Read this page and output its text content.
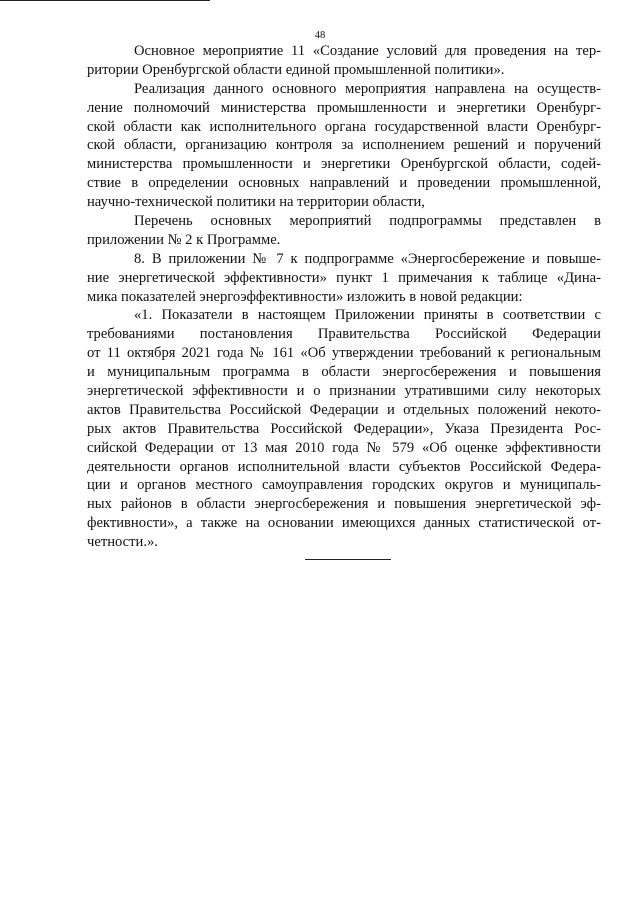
48
Основное мероприятие 11 «Создание условий для проведения на тер-
ритории Оренбургской области единой промышленной политики».
Реализация данного основного мероприятия направлена на осуществ-
ление полномочий министерства промышленности и энергетики Оренбург-
ской области как исполнительного органа государственной власти Оренбург-
ской области, организацию контроля за исполнением решений и поручений
министерства промышленности и энергетики Оренбургской области, содей-
ствие в определении основных направлений и проведении промышленной,
научно-технической политики на территории области,
Перечень основных мероприятий подпрограммы представлен в
приложении № 2 к Программе.
8. В приложении № 7 к подпрограмме «Энергосбережение и повыше-
ние энергетической эффективности» пункт 1 примечания к таблице «Дина-
мика показателей энергоэффективности» изложить в новой редакции:
«1. Показатели в настоящем Приложении приняты в соответствии с
требованиями постановления Правительства Российской Федерации
от 11 октября 2021 года № 161 «Об утверждении требований к региональным
и муниципальным программа в области энергосбережения и повышения
энергетической эффективности и о признании утратившими силу некоторых
актов Правительства Российской Федерации и отдельных положений некото-
рых актов Правительства Российской Федерации», Указа Президента Рос-
сийской Федерации от 13 мая 2010 года № 579 «Об оценке эффективности
деятельности органов исполнительной власти субъектов Российской Федера-
ции и органов местного самоуправления городских округов и муниципаль-
ных районов в области энергосбережения и повышения энергетической эф-
фективности», а также на основании имеющихся данных статистической от-
четности.».
